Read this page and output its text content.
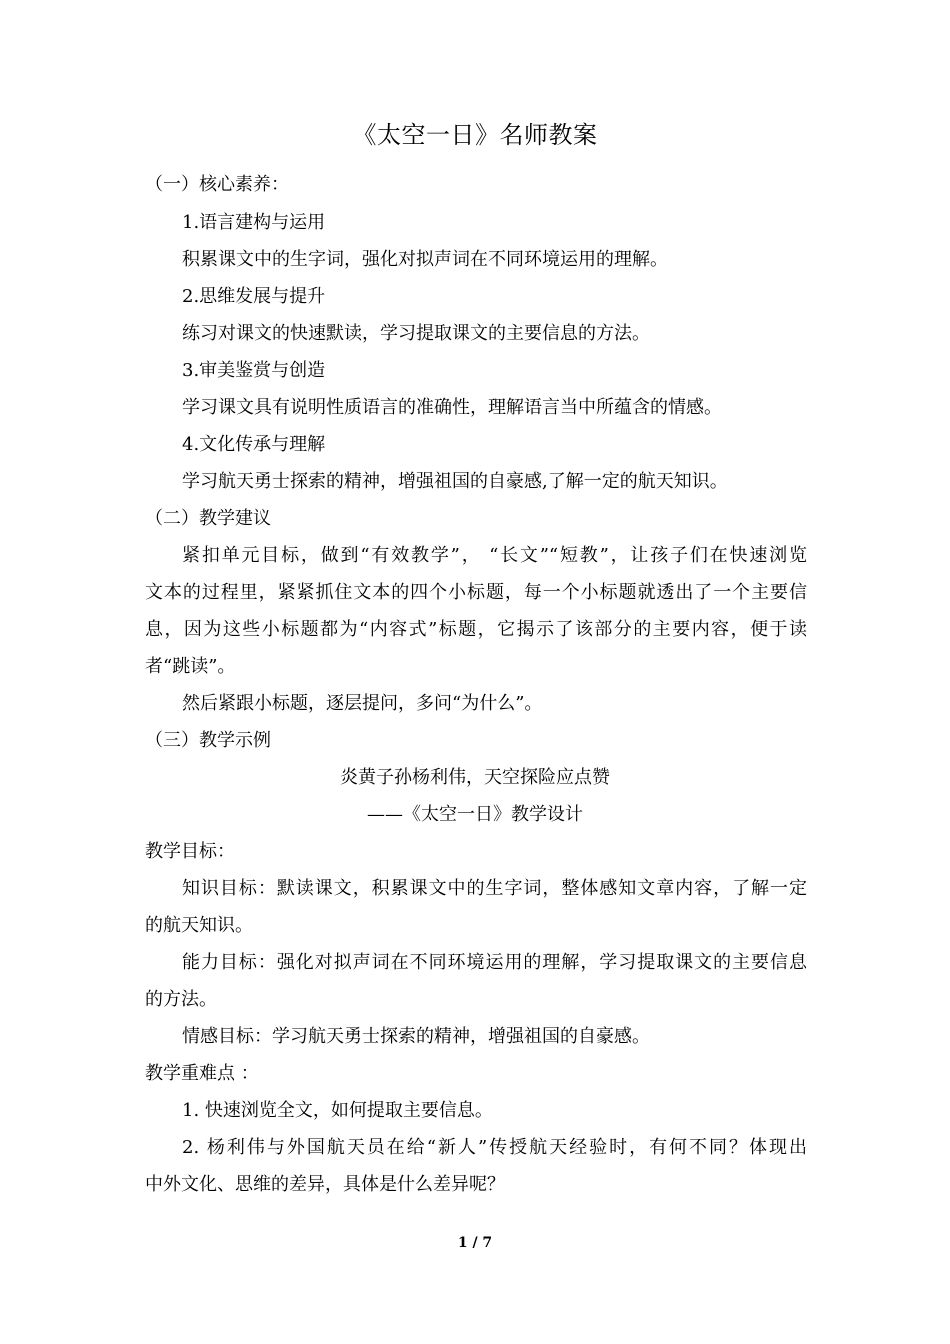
《太空一日》名师教案
（一）核心素养：
1.语言建构与运用
积累课文中的生字词，强化对拟声词在不同环境运用的理解。
2.思维发展与提升
练习对课文的快速默读，学习提取课文的主要信息的方法。
3.审美鉴赏与创造
学习课文具有说明性质语言的准确性，理解语言当中所蕴含的情感。
4.文化传承与理解
学习航天勇士探索的精神，增强祖国的自豪感,了解一定的航天知识。
（二）教学建议
紧扣单元目标，做到“有效教学”， “长文”“短教”，让孩子们在快速浏览
文本的过程里，紧紧抓住文本的四个小标题，每一个小标题就透出了一个主要信
息，因为这些小标题都为“内容式”标题，它揭示了该部分的主要内容，便于读
者“跳读”。
然后紧跟小标题，逐层提问，多问“为什么”。
（三）教学示例
炎黄子孙杨利伟，天空探险应点赞
——《太空一日》教学设计
教学目标：
知识目标：默读课文，积累课文中的生字词，整体感知文章内容，了解一定
的航天知识。
能力目标：强化对拟声词在不同环境运用的理解，学习提取课文的主要信息
的方法。
情感目标：学习航天勇士探索的精神，增强祖国的自豪感。
教学重难点 ：
1. 快速浏览全文，如何提取主要信息。
2. 杨利伟与外国航天员在给“新人”传授航天经验时，有何不同？体现出
中外文化、思维的差异，具体是什么差异呢？
1 / 7
